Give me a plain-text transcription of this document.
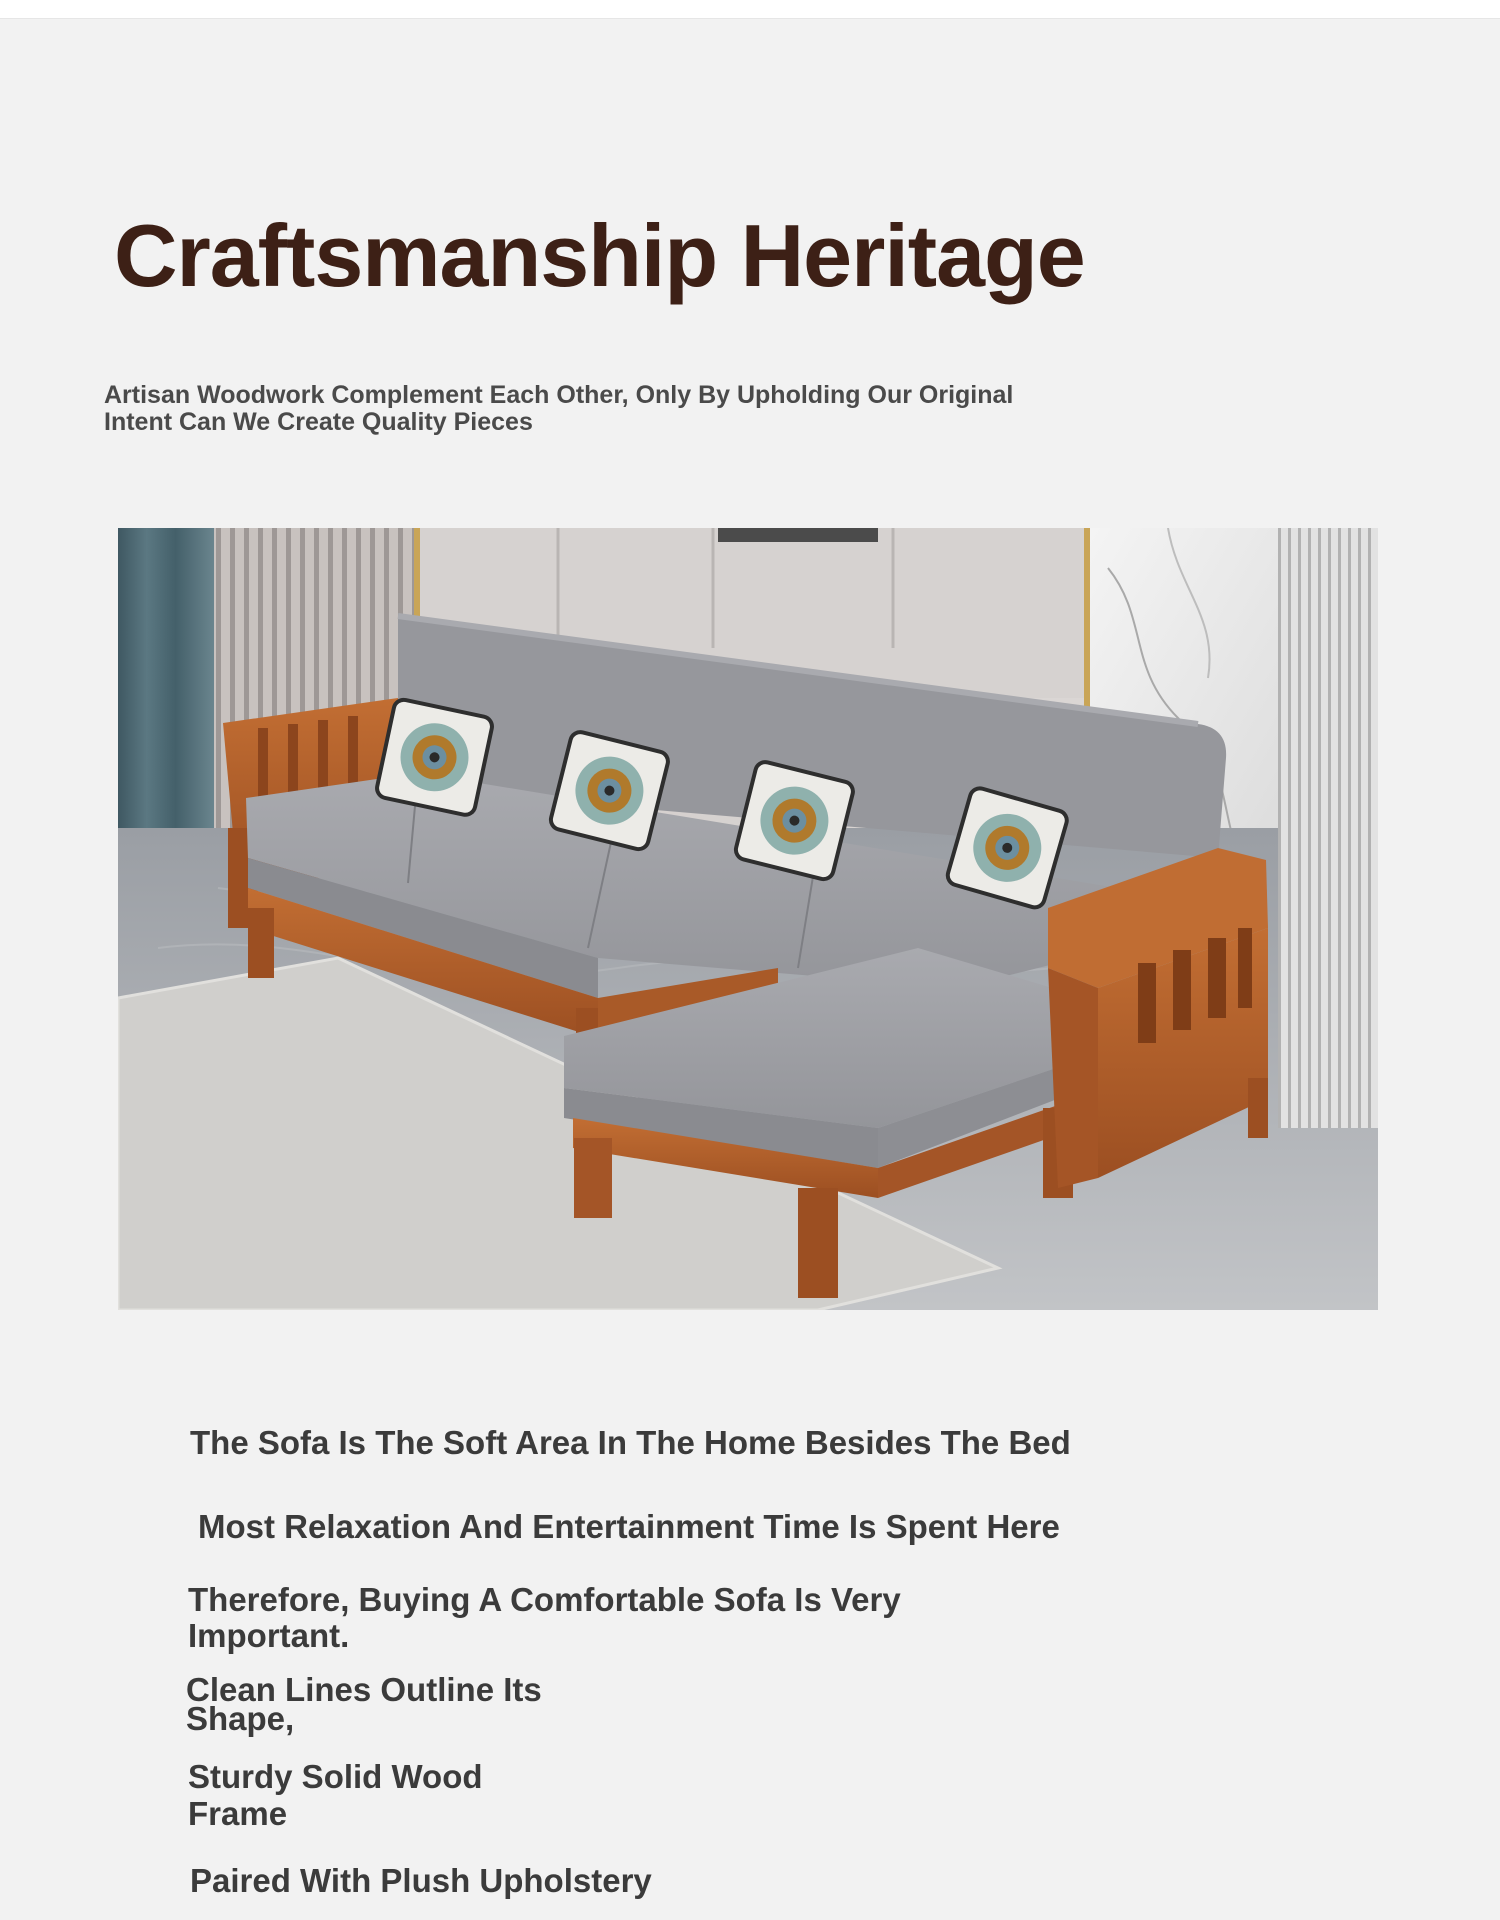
Craftsmanship Heritage

Artisan Woodwork Complement Each Other, Only By Upholding Our Original Intent Can We Create Quality Pieces

The Sofa Is The Soft Area In The Home Besides The Bed

Most Relaxation And Entertainment Time Is Spent Here

Therefore, Buying A Comfortable Sofa Is Very Important.

Clean Lines Outline Its Shape,

Sturdy Solid Wood Frame

Paired With Plush Upholstery
